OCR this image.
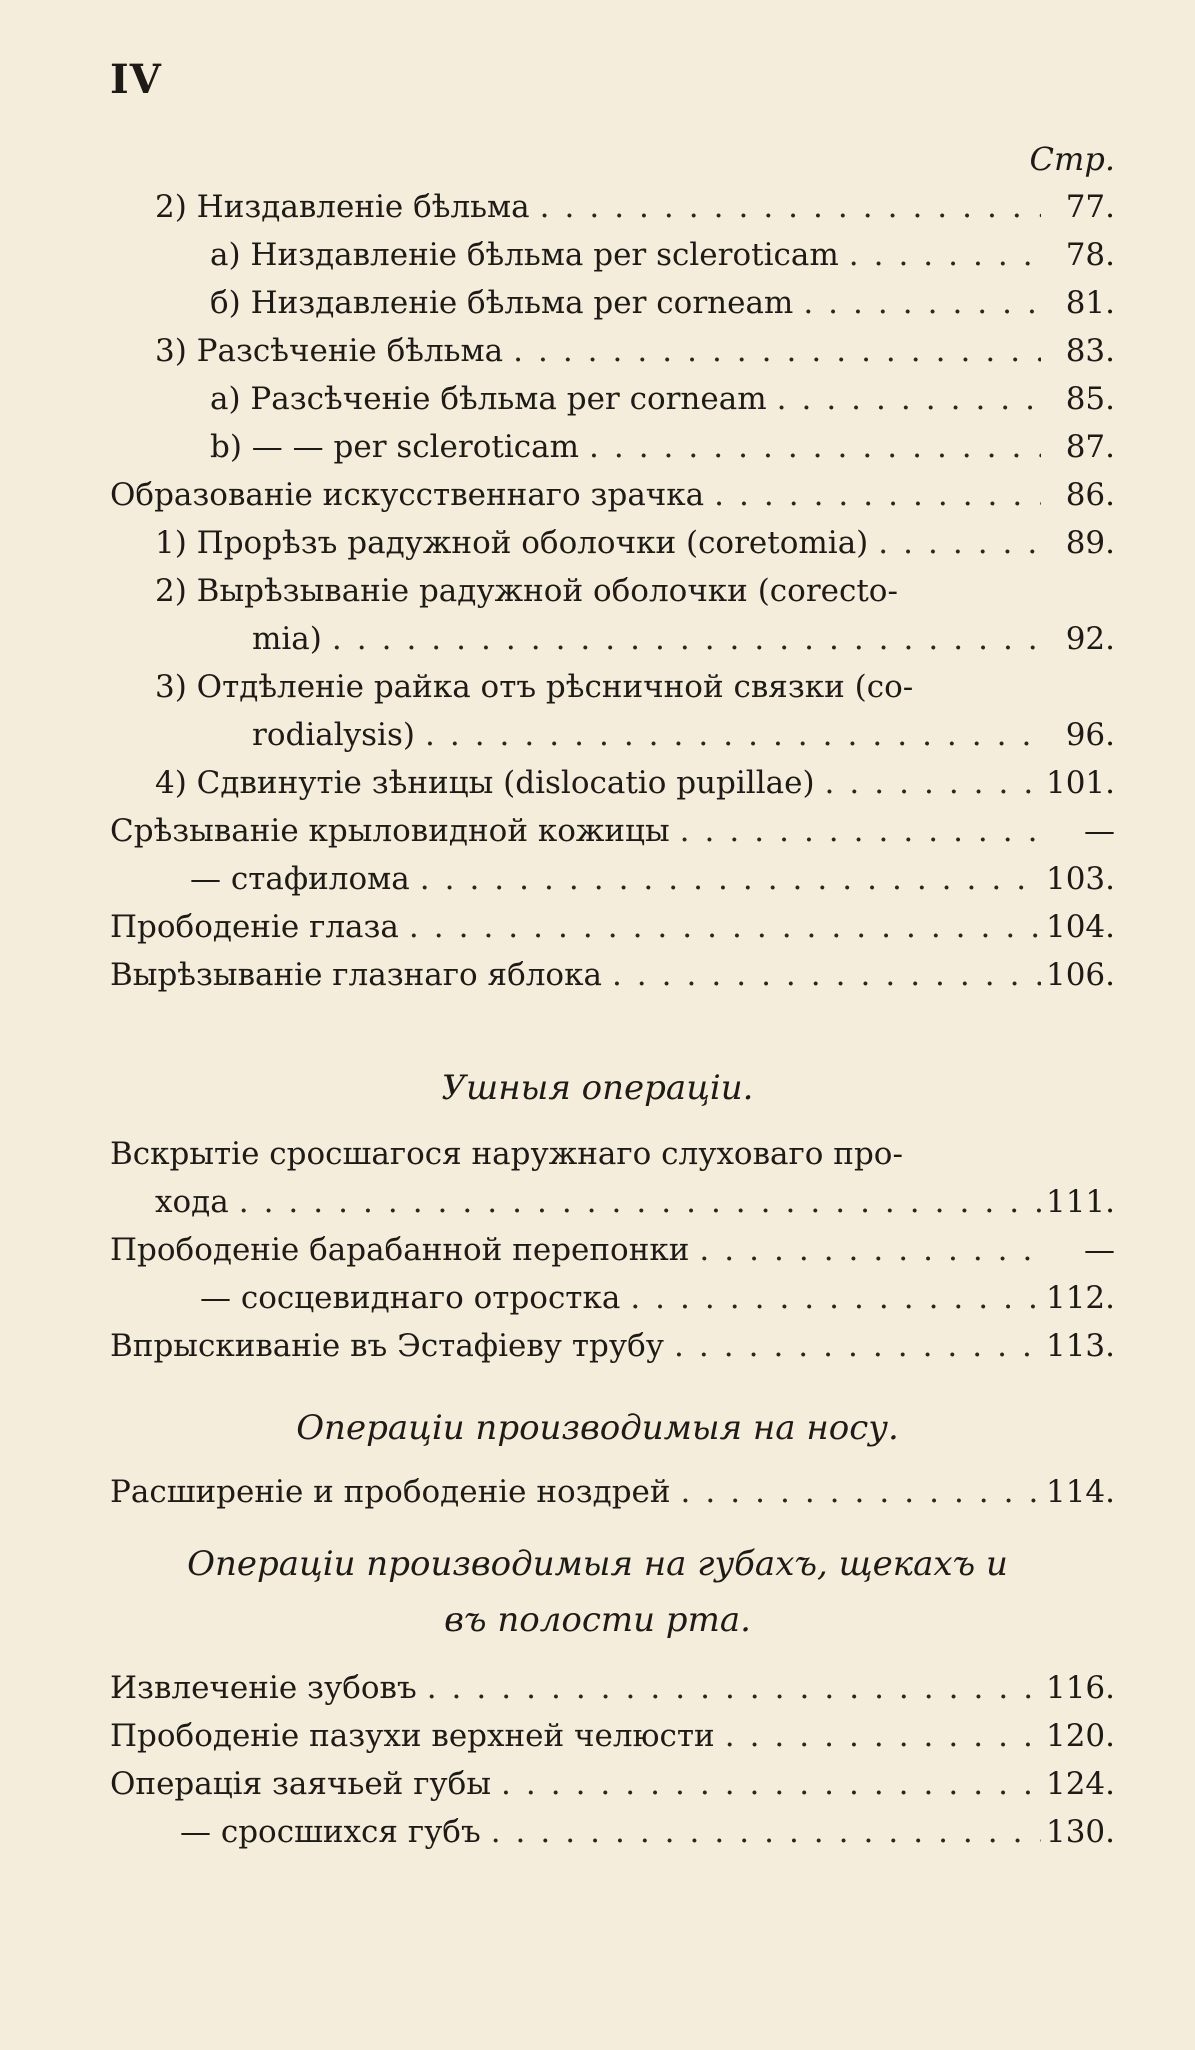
IV
Стр.
2) Низдавленie бѣльма .....	77.
а) Низдавленie бѣльма per scleroticam .....	78.
б) Низдавленie бѣльма per corneam .....	81.
3) Разсѣченie бѣльма .....	83.
а) Разсѣченie бѣльма per corneam .....	85.
b) — — per scleroticam .....	87.
Образованie искусственнаго зрачка .....	86.
1) Прорѣзъ радужной оболочки (coretomia) .....	89.
2) Вырѣзыванie радужной оболочки (corecto-
mia) .....	92.
3) Отдѣленie райка отъ рѣсничной связки (co-
rodialysis) .....	96.
4) Сдвинутie зѣницы (dislocatio pupillae) .....	101.
Срѣзыванie крыловидной кожицы .....	—
— стафилома .....	103.
Прободенie глаза .....	104.
Вырѣзыванie глазнаго яблока .....	106.
Ушныя операцiи.
Вскрытie сросшагося наружнаго слуховаго про-
хода .....	111.
Прободенie барабанной перепонки .....	—
— сосцевиднаго отростка .....	112.
Впрыскиванie въ Эстафiеву трубу .....	113.
Операцiи производимыя на носу.
Расширенie и прободенie ноздрей .....	114.
Операцiи производимыя на губахъ, щекахъ и
въ полости рта.
Извлеченie зубовъ .....	116.
Прободенie пазухи верхней челюсти .....	120.
Операцiя заячьей губы .....	124.
— сросшихся губъ .....	130.
